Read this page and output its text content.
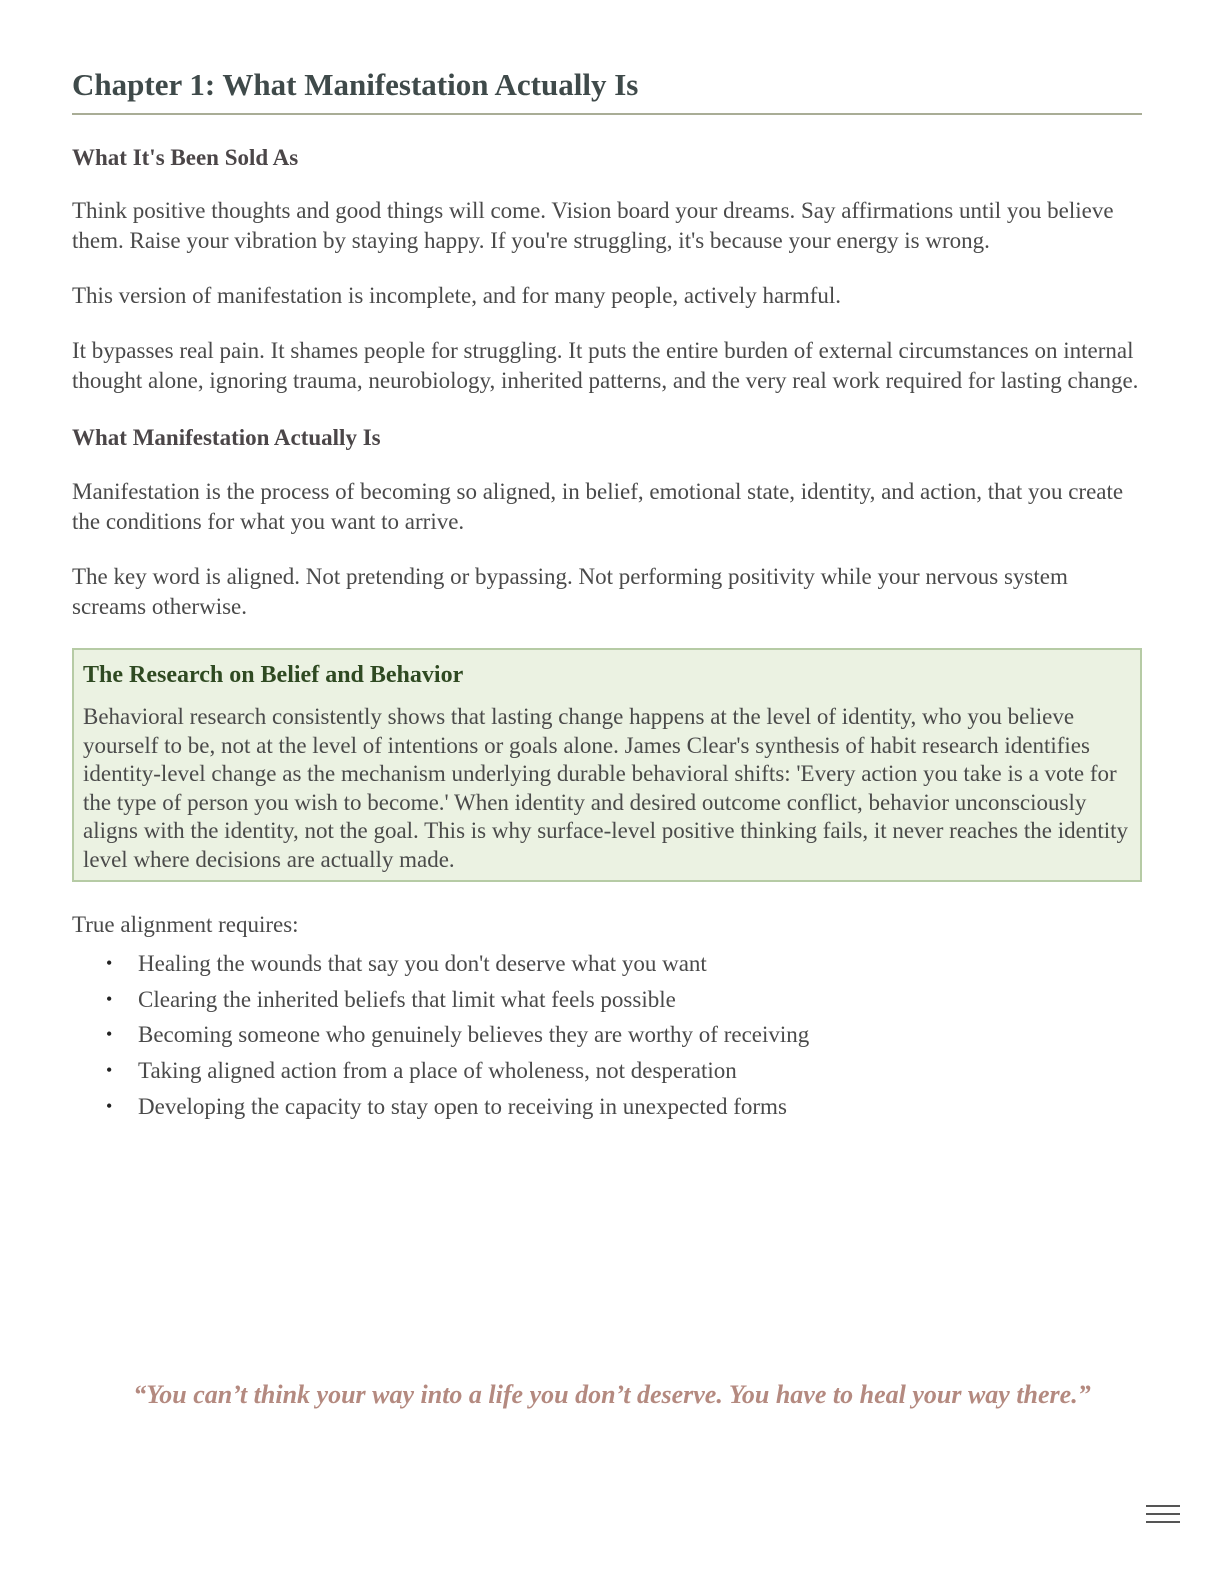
Chapter 1: What Manifestation Actually Is
What It's Been Sold As

Think positive thoughts and good things will come. Vision board your dreams. Say affirmations until you believe them. Raise your vibration by staying happy. If you're struggling, it's because your energy is wrong.

This version of manifestation is incomplete, and for many people, actively harmful.

It bypasses real pain. It shames people for struggling. It puts the entire burden of external circumstances on internal thought alone, ignoring trauma, neurobiology, inherited patterns, and the very real work required for lasting change.

What Manifestation Actually Is

Manifestation is the process of becoming so aligned, in belief, emotional state, identity, and action, that you create the conditions for what you want to arrive.

The key word is aligned. Not pretending or bypassing. Not performing positivity while your nervous system screams otherwise.

The Research on Belief and Behavior

Behavioral research consistently shows that lasting change happens at the level of identity, who you believe yourself to be, not at the level of intentions or goals alone. James Clear's synthesis of habit research identifies identity-level change as the mechanism underlying durable behavioral shifts: 'Every action you take is a vote for the type of person you wish to become.' When identity and desired outcome conflict, behavior unconsciously aligns with the identity, not the goal. This is why surface-level positive thinking fails, it never reaches the identity level where decisions are actually made.

True alignment requires:

• Healing the wounds that say you don't deserve what you want
• Clearing the inherited beliefs that limit what feels possible
• Becoming someone who genuinely believes they are worthy of receiving
• Taking aligned action from a place of wholeness, not desperation
• Developing the capacity to stay open to receiving in unexpected forms
“You can’t think your way into a life you don’t deserve. You have to heal your way there.”
